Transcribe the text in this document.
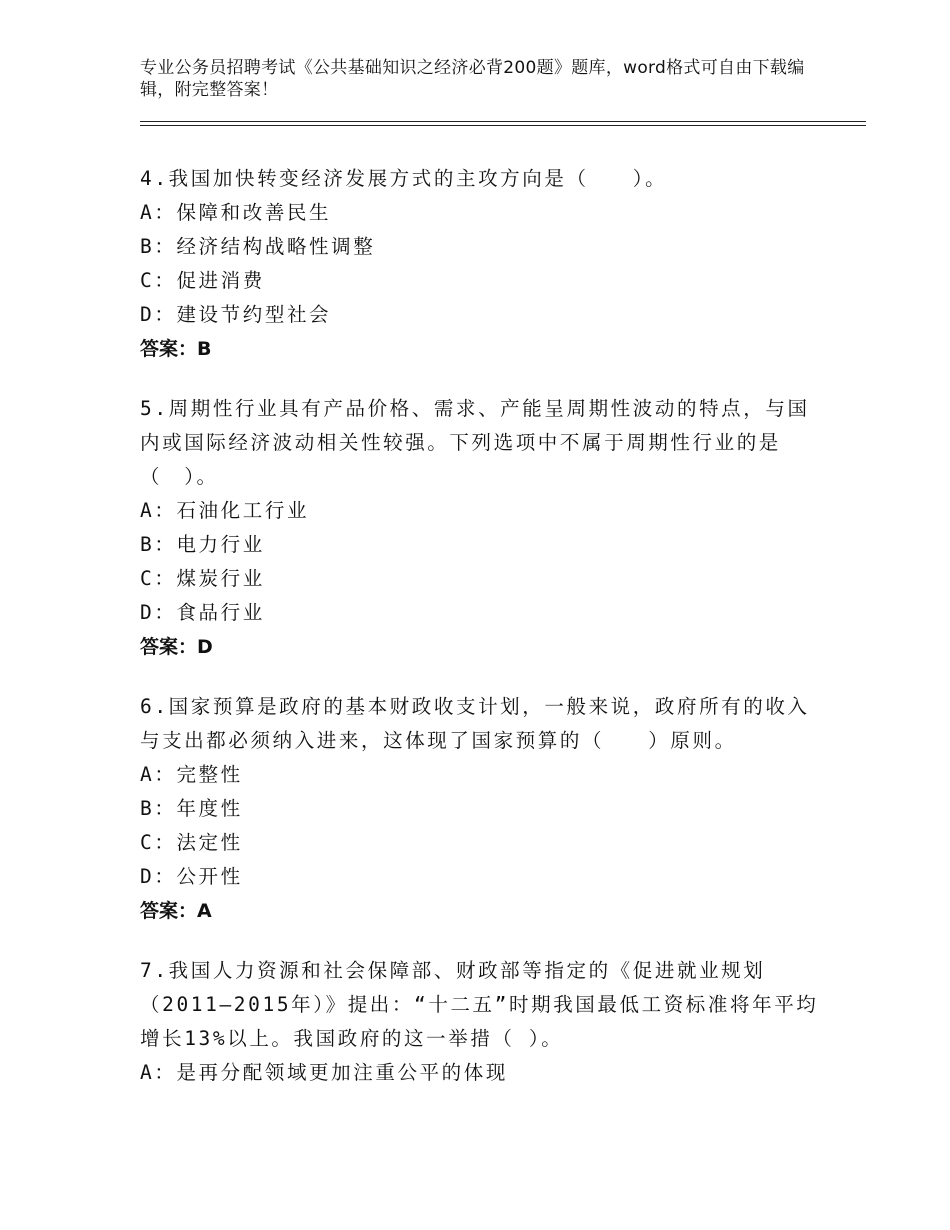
专业公务员招聘考试《公共基础知识之经济必背200题》题库，word格式可自由下载编辑，附完整答案！
4.我国加快转变经济发展方式的主攻方向是（　　）。
A：保障和改善民生
B：经济结构战略性调整
C：促进消费
D：建设节约型社会
答案：B
5.周期性行业具有产品价格、需求、产能呈周期性波动的特点，与国内或国际经济波动相关性较强。下列选项中不属于周期性行业的是（　）。
A：石油化工行业
B：电力行业
C：煤炭行业
D：食品行业
答案：D
6.国家预算是政府的基本财政收支计划，一般来说，政府所有的收入与支出都必须纳入进来，这体现了国家预算的（　　）原则。
A：完整性
B：年度性
C：法定性
D：公开性
答案：A
7.我国人力资源和社会保障部、财政部等指定的《促进就业规划（2011—2015年）》提出：“十二五”时期我国最低工资标准将年平均增长13%以上。我国政府的这一举措（ ）。
A：是再分配领域更加注重公平的体现
